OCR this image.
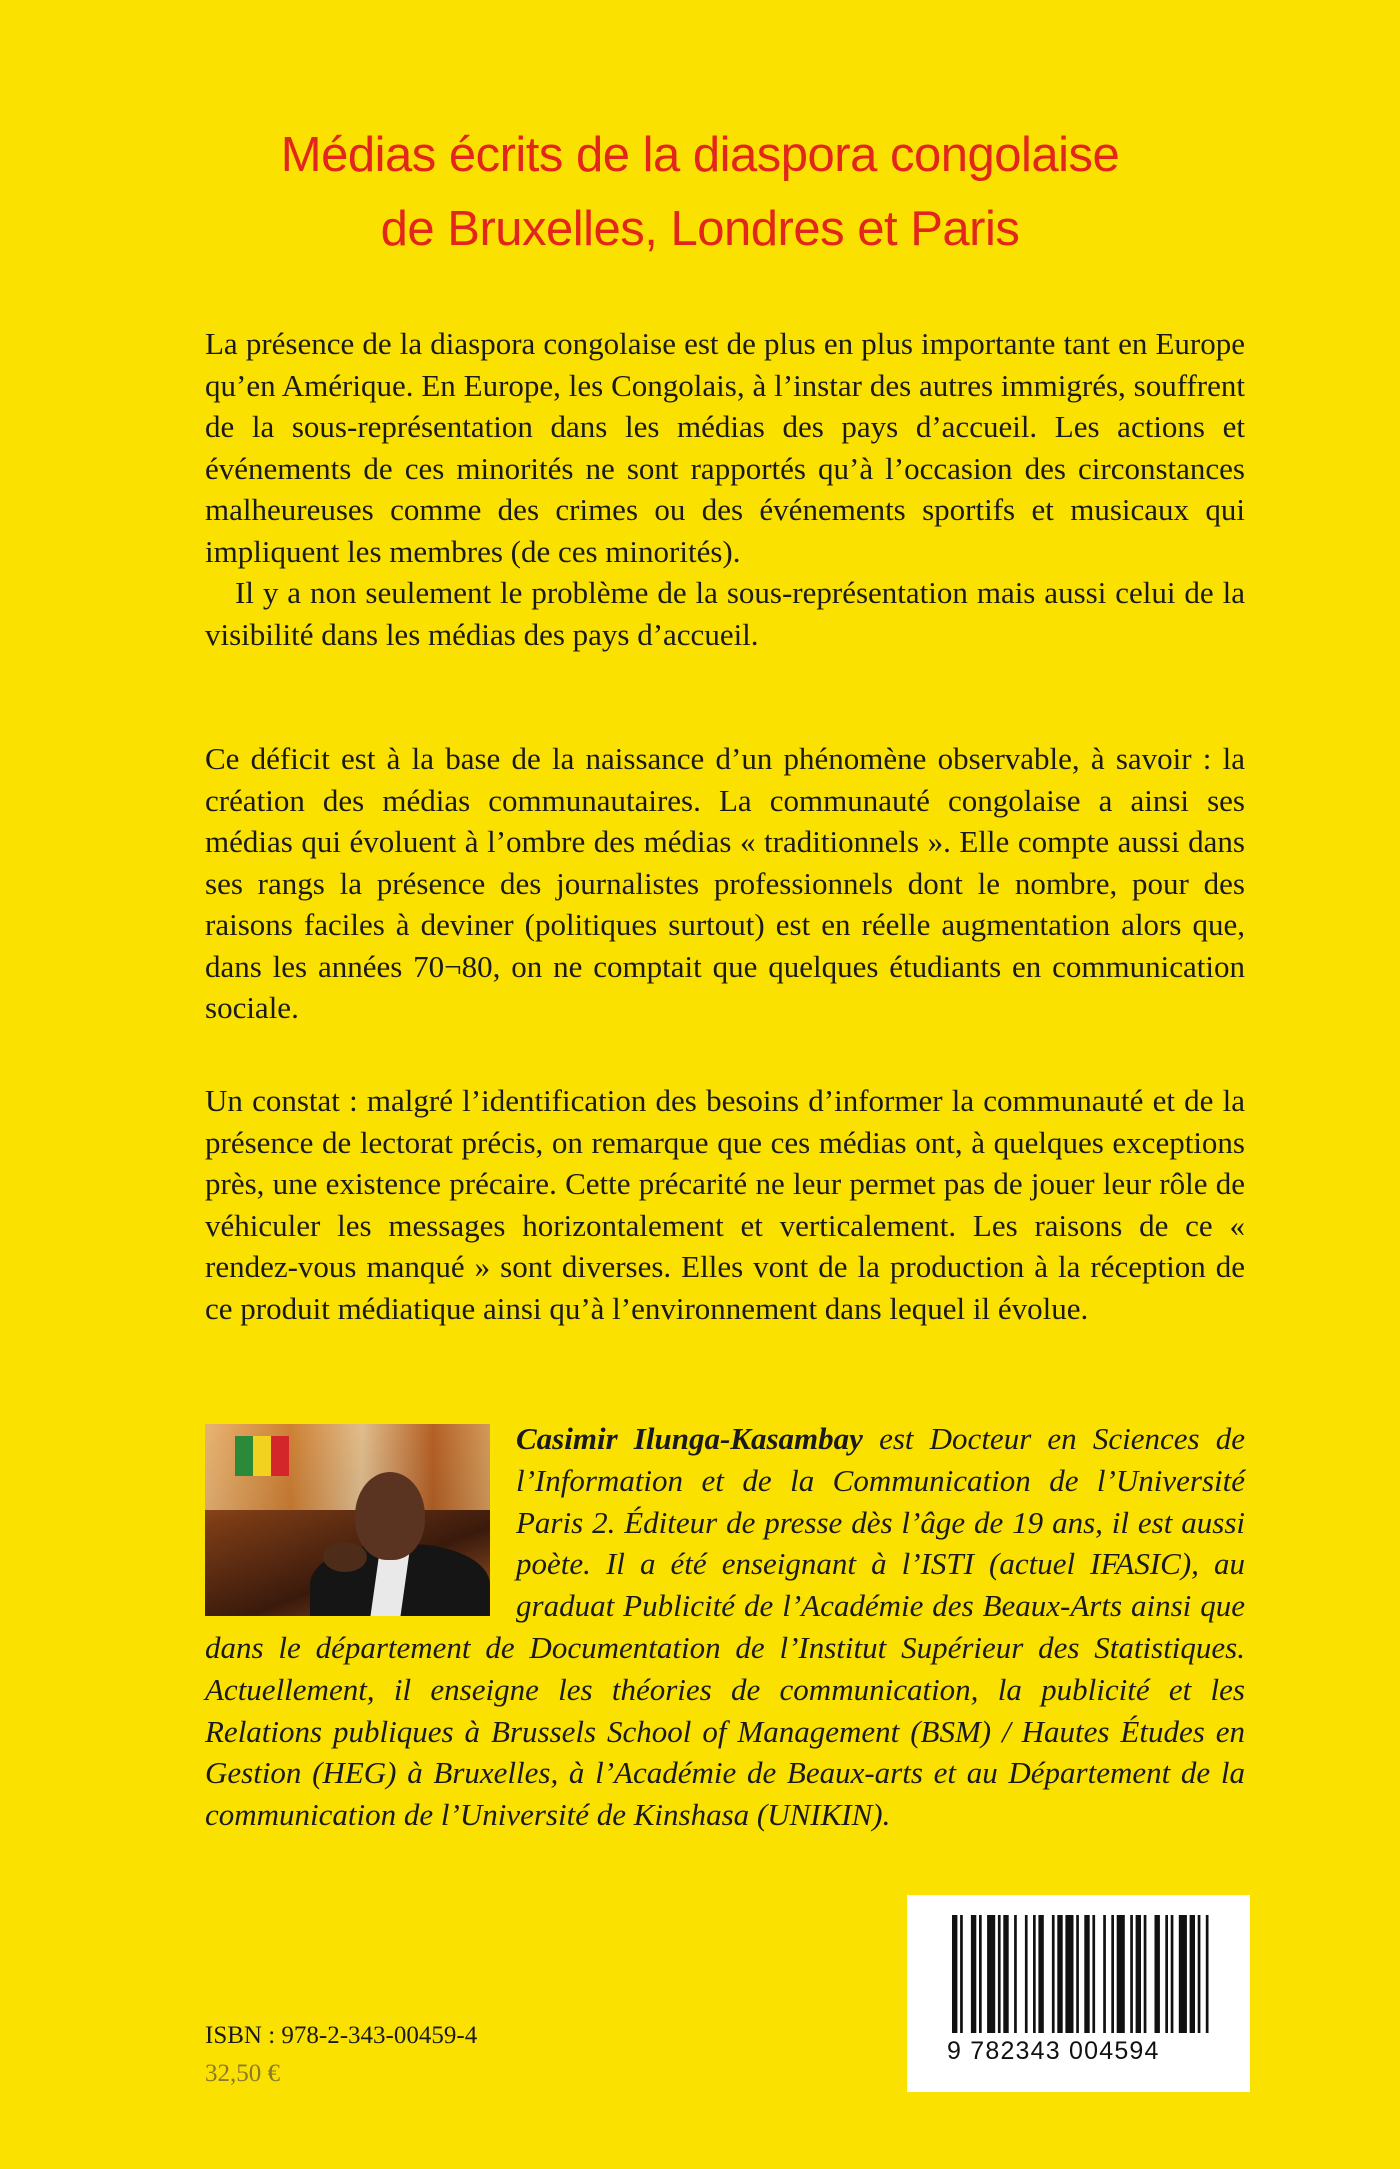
Médias écrits de la diaspora congolaise
de Bruxelles, Londres et Paris

La présence de la diaspora congolaise est de plus en plus importante tant en Europe qu’en Amérique. En Europe, les Congolais, à l’instar des autres immigrés, souffrent de la sous-représentation dans les médias des pays d’accueil. Les actions et événements de ces minorités ne sont rapportés qu’à l’occasion des circonstances malheureuses comme des crimes ou des événements sportifs et musicaux qui impliquent les membres (de ces minorités).

Il y a non seulement le problème de la sous-représentation mais aussi celui de la visibilité dans les médias des pays d’accueil.

Ce déficit est à la base de la naissance d’un phénomène observable, à savoir : la création des médias communautaires. La communauté congolaise a ainsi ses médias qui évoluent à l’ombre des médias « traditionnels ». Elle compte aussi dans ses rangs la présence des journalistes professionnels dont le nombre, pour des raisons faciles à deviner (politiques surtout) est en réelle augmentation alors que, dans les années 70¬80, on ne comptait que quelques étudiants en communication sociale.

Un constat : malgré l’identification des besoins d’informer la communauté et de la présence de lectorat précis, on remarque que ces médias ont, à quelques exceptions près, une existence précaire. Cette précarité ne leur permet pas de jouer leur rôle de véhiculer les messages horizontalement et verticalement. Les raisons de ce « rendez-vous manqué » sont diverses. Elles vont de la production à la réception de ce produit médiatique ainsi qu’à l’environnement dans lequel il évolue.

Casimir Ilunga-Kasambay est Docteur en Sciences de l’Information et de la Communication de l’Université Paris 2. Éditeur de presse dès l’âge de 19 ans, il est aussi poète. Il a été enseignant à l’ISTI (actuel IFASIC), au graduat Publicité de l’Académie des Beaux-Arts ainsi que dans le département de Documentation de l’Institut Supérieur des Statistiques. Actuellement, il enseigne les théories de communication, la publicité et les Relations publiques à Brussels School of Management (BSM) / Hautes Études en Gestion (HEG) à Bruxelles, à l’Académie de Beaux-arts et au Département de la communication de l’Université de Kinshasa (UNIKIN).

ISBN : 978-2-343-00459-4
32,50 €
9 782343 004594
